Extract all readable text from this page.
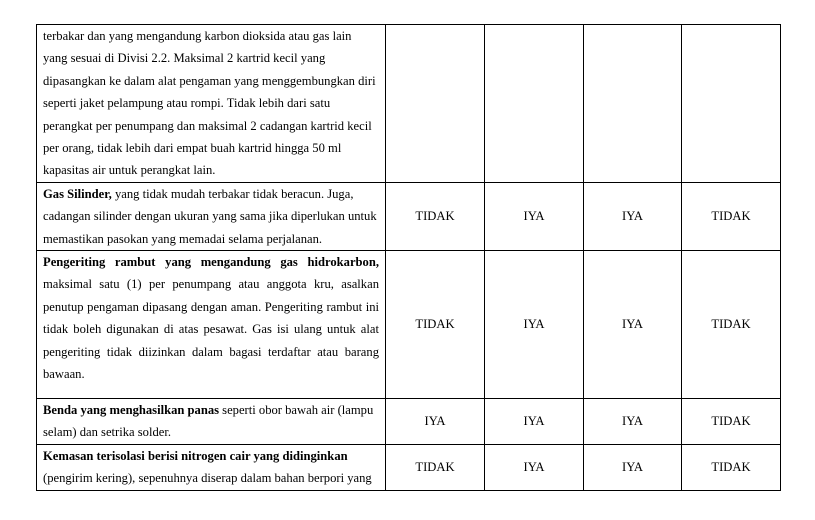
terbakar dan yang mengandung karbon dioksida atau gas lain yang sesuai di Divisi 2.2. Maksimal 2 kartrid kecil yang dipasangkan ke dalam alat pengaman yang menggembungkan diri seperti jaket pelampung atau rompi. Tidak lebih dari satu perangkat per penumpang dan maksimal 2 cadangan kartrid kecil per orang, tidak lebih dari empat buah kartrid hingga 50 ml kapasitas air untuk perangkat lain.				
Gas Silinder, yang tidak mudah terbakar tidak beracun. Juga, cadangan silinder dengan ukuran yang sama jika diperlukan untuk memastikan pasokan yang memadai selama perjalanan.	TIDAK	IYA	IYA	TIDAK
Pengeriting rambut yang mengandung gas hidrokarbon, maksimal satu (1) per penumpang atau anggota kru, asalkan penutup pengaman dipasang dengan aman. Pengeriting rambut ini tidak boleh digunakan di atas pesawat. Gas isi ulang untuk alat pengeriting tidak diizinkan dalam bagasi terdaftar atau barang bawaan.	TIDAK	IYA	IYA	TIDAK
Benda yang menghasilkan panas seperti obor bawah air (lampu selam) dan setrika solder.	IYA	IYA	IYA	TIDAK
Kemasan terisolasi berisi nitrogen cair yang didinginkan (pengirim kering), sepenuhnya diserap dalam bahan berpori yang	TIDAK	IYA	IYA	TIDAK
